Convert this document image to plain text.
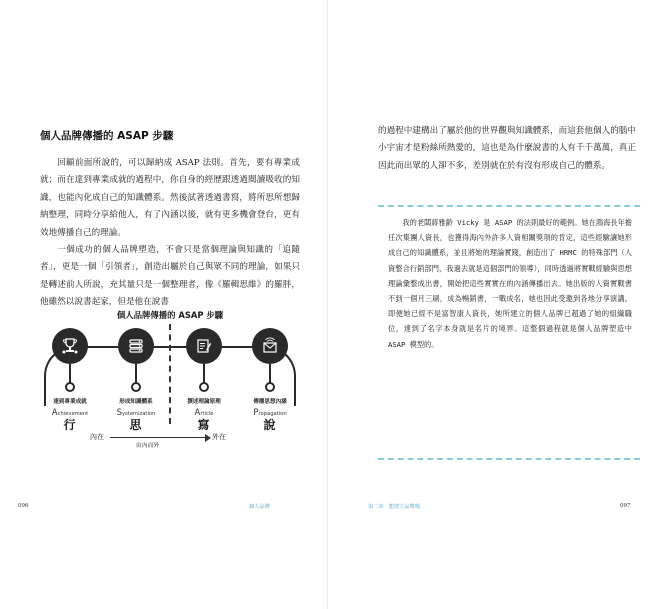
個人品牌傳播的 ASAP 步驟

回顧前面所說的，可以歸納成 ASAP 法則。首先，要有專業成就；而在達到專業成就的過程中，你自身的經歷跟透過閱讀吸收的知識，也能內化成自己的知識體系。然後試著透過書寫，將所思所想歸納整理，同時分享給他人，有了內涵以後，就有更多機會登台，更有效地傳播自己的理論。

一個成功的個人品牌塑造，不會只是當個理論與知識的「追隨者」，更是一個「引領者」，創造出屬於自己與眾不同的理論，如果只是轉述前人所說，充其量只是一個整理者，像《羅輯思維》的羅胖，他雖然以說書起家，但是他在說書

個人品牌傳播的 ASAP 步驟
達到專業成就
Achievement
行
形成知識體系
Systemization
思
撰述理論原理
Article
寫
傳播思想內涵
Propagation
說
內在	外在
由內而外
096	個人品牌

的過程中建構出了屬於他的世界觀與知識體系，而這套他個人的腦中小宇宙才是粉絲所熱愛的，這也是為什麼說書的人有千千萬萬，真正因此而出眾的人卻不多，差別就在於有沒有形成自己的體系。

我的老闆蔣雅齡 Vicky 是 ASAP 的法則最好的範例。她在鴻海長年擔任次集團人資長，也獲得海內外許多人資相關獎項的肯定，這些經驗讓她形成自己的知識體系，並且將她的理論實踐，創造出了 HRMC 的特殊部門（人資整合行銷部門，我過去就是這個部門的領導），同時透過將實戰經驗與思想理論彙整成出書，開始把這些實實在的內涵傳播出去。她出版的人資實戰書不到一個月三刷，成為暢銷書，一戰成名，她也因此受邀到各地分享演講，即便她已經不是富智康人資長，她所建立的個人品牌已超過了她的組織職位，達到了名字本身就是名片的境界。這整個過程就是個人品牌塑造中 ASAP 模型的。

第二章　想建立品牌嗎	097
